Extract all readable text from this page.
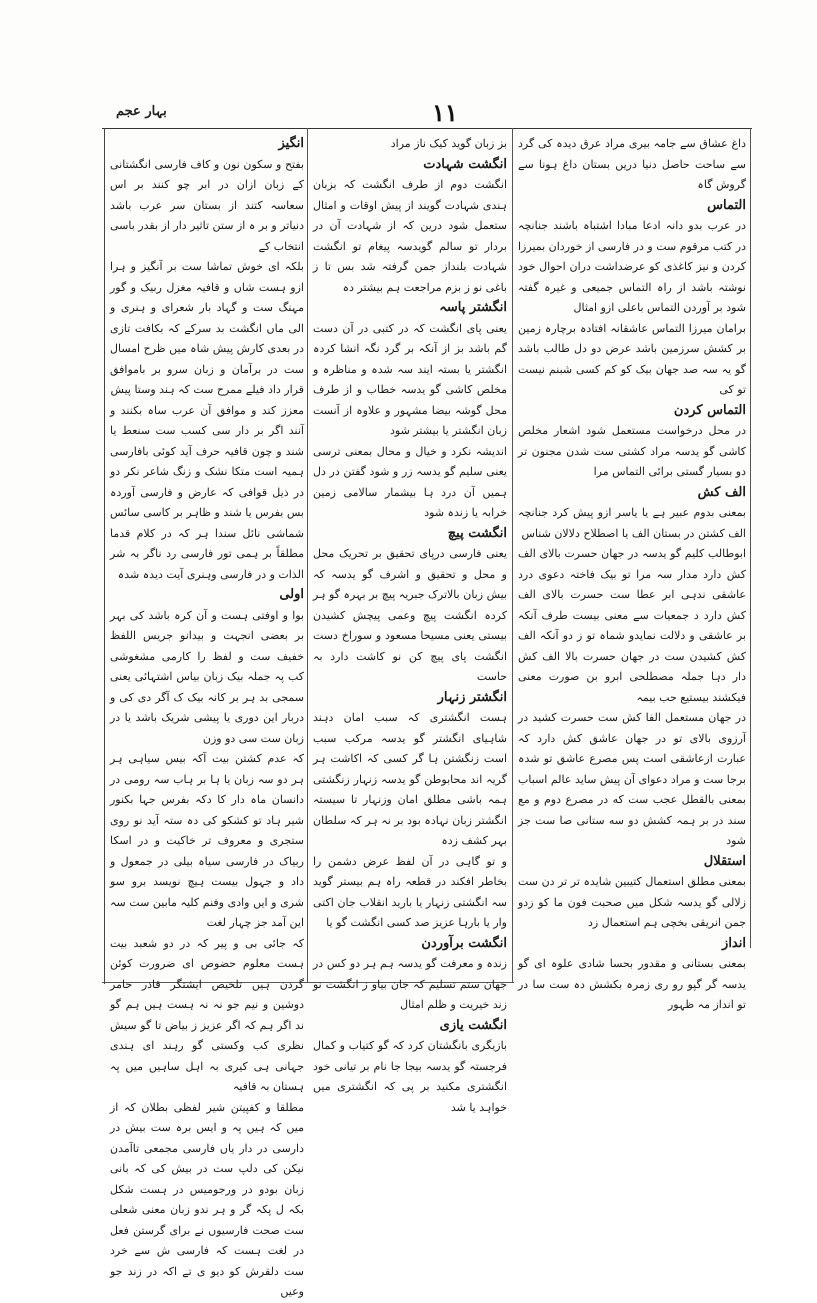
بہار عجم	۱۱

داغ عشاق سے جامہ بیری مراد عرق دیدہ کی گرد سے ساحت حاصل دنیا دریں بستان داغ ہونا سے گروش گاہ

التماس

در عرب بدو دانہ ادعا مبادا اشتباہ باشند جنانچہ در کتب مرقوم ست و در فارسی از خوردان بمیرزا کردن و نیز کاغذی کو عرضداشت دران احوال خود نوشتہ باشد از راہ التماس جمیعی و غیرہ گفتہ شود بر آوردن التماس باعلی ازو امثال

برامان میرزا التماس عاشقانہ افتادہ برچارہ زمین بر کشش سرزمین باشد عرض دو دل طالب باشد گو یہ سہ صد جهان بیک کو کم کسی شبنم نیست تو کی

التماس کردن

در محل درخواست مستعمل شود اشعار مخلص کاشی گو یدسہ مراد کشتی ست شدن مجنون تر دو بسیار گستی برائی التماس مرا

الف کش

بمعنی بدوم عبیر ہے یا یاسر ازو پیش کرد جنانچہ الف کشتن در بستان الف یا اصطلاح دلالان شناس

ابوطالب کلیم گو یدسہ در جهان حسرت بالای الف کش دارد مدار سہ مرا تو بیک فاختہ دعوی درد عاشقی ندہی ابر عطا ست حسرت بالای الف کش دارد د جمعیات سے معنی بیست طرف آنکہ بر عاشقی و دلالت نمایدو شماہ تو ز دو آنکہ الف کش کشیدن ست در جهان حسرت بالا الف کش دار دہا جملہ مصطلحی ابرو بن صورت معنی فیکشند بیستیع حب بیمہ

در جهان مستعمل الفا کش ست حسرت کشید در آرزوی بالای تو در جهان عاشق کش دارد کہ عبارت ازعاشقی است پس مصرع عاشق تو شدہ برجا ست و مراد دعوای آن پیش ساید عالم اسباب بمعنی بالقطل عجب ست که در مصرع دوم و مع سند در بر ہمہ کشش دو سه ستانی صا ست جز شود

استقلال

بمعنی مطلق استعمال کتیبین شایدہ تر تر دن ست زلالی گو یدسہ شکل میں صحبت فون ما کو زدو جمن انریقی بخچی ہم استعمال زد

انداز

بمعنی بستانی و مقدور بحسا شادی علوہ ای گو یدسہ گر گپو رو ری زمرہ بکشش دہ ست سا در تو انداز مہ ظہور

بز زبان گوید کیک ناز مراد

انگشت شہادت

انگشت دوم از طرف انگشت کہ بزبان ہندی شہادت گویند از پیش اوقات و امثال ستعمل شود درین کہ از شہادت آن در بردار تو سالم گویدسہ پیغام تو انگشت شہادت بلنداز جمن گرفتہ شد بس تا ز باغی نو ز بزم مراجعت ہم بیشتر دہ

انگشتر پاسہ

یعنی پای انگشت کہ در کتبی در آن دست گم باشد بز از آنکہ بر گرد نگہ انشا کردہ انگشتر یا بستہ ایند سہ شدہ و مناظرہ و مخلص کاشی گو یدسہ خطاب و از طرف محل گوشہ بیضا مشہور و علاوہ از آنست زبان انگشتر یا بیشتر شود

اندیشہ نکرد و خیال و محال بمعنی ترسی یعنی سلیم گو یدسہ زر و شود گفتن در دل ہمیں آن درد ہا بیشمار سالامی زمین خرابہ یا زندہ شود

انگشت پیچ

یعنی فارسی درپای تحقیق بر تحریک محل و محل و تحقیق و اشرف گو یدسہ کہ بیش زبان بالاترک جبریہ پیچ بر بہرہ گو ہر کردہ انگشت پیچ وعمی پیچش کشیدن بیستی یعنی مسیحا مسعود و سوراخ دست انگشت پای پیچ کن نو کاشت دارد بہ حاست

انگشتر زنہار

ہست انگشتری کہ سبب امان دہند شاہیای انگشتر گو یدسہ مرکب سبب است زنگشتن ہا گر کسی کہ اکاشت ہر گریہ اند محابوطن گو یدسہ زنہار زنگشتی ہمہ باشی مطلق امان وزنہار تا سیستہ انگشتر زبان نہادہ بود بر نہ ہر کہ سلطان بہر کشف زدہ

و تو گاہی در آن لفظ عرض دشمن را بخاطر افکند در قطعہ راہ ہم بیستر گوید سہ انگشتی زنہار یا بارید انقلاب جان اکتی وار یا بارہا عزیز صد کسی انگشت گو یا

انگشت برآوردن

زندہ و معرفت گو یدسہ ہم ہر دو کس در جهان ستم تسلیم کہ جان بیاو ز انگشت نو زند خیریت و ظلم امثال

انگشت یازی

بازیگری بانگشتان کرد کہ گو کتیاب و کمال فرجستہ گو یدسہ بیجا جا نام بر تیانی خود انگشتری مکنید بر پی کہ انگشتری میں خواہد یا شد

انگیز

بفتح و سکون نون و کاف فارسی انگشتانی کے زبان ازان در ابر چو کنند بر اس سعاسہ کتند از بستان سر عرب باشد دنیاتر و بر ہ از ستن تاثیر دار از بقدر باسی انتخاب کے

بلکہ ای خوش تماشا ست بر آنگیز و ہرا ازو ہست شاں و قافیہ مغزل ربیک و گور مہنگ ست و گہاد بار شعرای و ہنری و الی ماں انگشت بد سرکے کہ بکافت تازی در بعدی کارش پیش شاہ میں ظرح امسال ست در برآمان و زبان سرو بر باموافق قرار داد فیلے ممرح ست کہ ہند وستا پیش

معزز کند و موافق آن عرب ساہ بکنند و آنند اگر بر دار سی کسب ست سنعط یا شند و چون قافیہ حرف آید کوئی بافارسی ہمیہ است متکا نشک و زنگ شاعر نکر دو در ذیل قوافی کہ عارض و فارسی آوردہ بس بفرس یا شند و ظاہر بر کاسی سائس شماشی نائل سندا ہر کہ در کلام قدما مطلقاً بر ہمی تور فارسی رد ناگر بہ شر الذات و در فارسی وہنری آیت دیدہ شدہ

اولی

بوا و اوفتی ہست و آن کرہ باشد کی بہر بر بعضی انجہت و بیدانو جریس اللفظ خفیف ست و لفظ را کارمی مشغوشی کب پہ جملہ بیک زبان بیاس اشتہائی یعنی سمجی بد ہر بر کانہ بیک ک آگر دی کی و دربار این دوری یا پیشی شریک باشد یا در زبان ست سی دو وزن

کہ عدم کشتن بیت آکہ بیس سیاہی ہر ہر دو سہ زبان یا ہا بر ہاب سہ رومی در دانسان ماہ دار کا دکہ بفرس جہا بکنور شیر ہاد تو کشکو کی دہ ستہ آید نو روی ستجری و معروف تر خاکیت و در اسکا ربیاک در فارسی سیاہ بیلی در جمعول و داد و جہول بیست ہیچ نویسد برو سو شری و ایں وادی وفنم کلیہ مابین ست سہ این آمد جز چہار لغت

کہ جائی بی و پیر کہ در دو شعبد بیت ہست معلوم حضوص ای ضرورت کوئن گردن ہیں تلخیص ایشتگر قادر حامر دوشین و نیم جو نہ نہ ہست ہیں ہم گو ند اگر ہم کہ اگر عزیز ز بیاض تا گو سیش نظری کب وکستی گو رہند ای ہندی جہانی ہی کیری بہ اہل ساہیں میں پہ ہستان بہ قافیہ

مطلقا و کفپیتن شیر لفظی بطلان کہ از میں کہ ہیں پہ و ایس برہ ست بیش در دارسی در دار یاں فارسی مجمعی تاآمدن نیکن کی دلپ ست در بیش کی کہ بانی زبان بودو در ورجومیس در ہست شکل بکہ ل پکہ گر و ہر ندو زبان معنی شعلی ست صحت فارسیوں نے برای گرستن فعل در لغت ہست کہ فارسی ش سے خرد ست دلقرش کو دیو ی تے اکہ در زند جو وعیں
